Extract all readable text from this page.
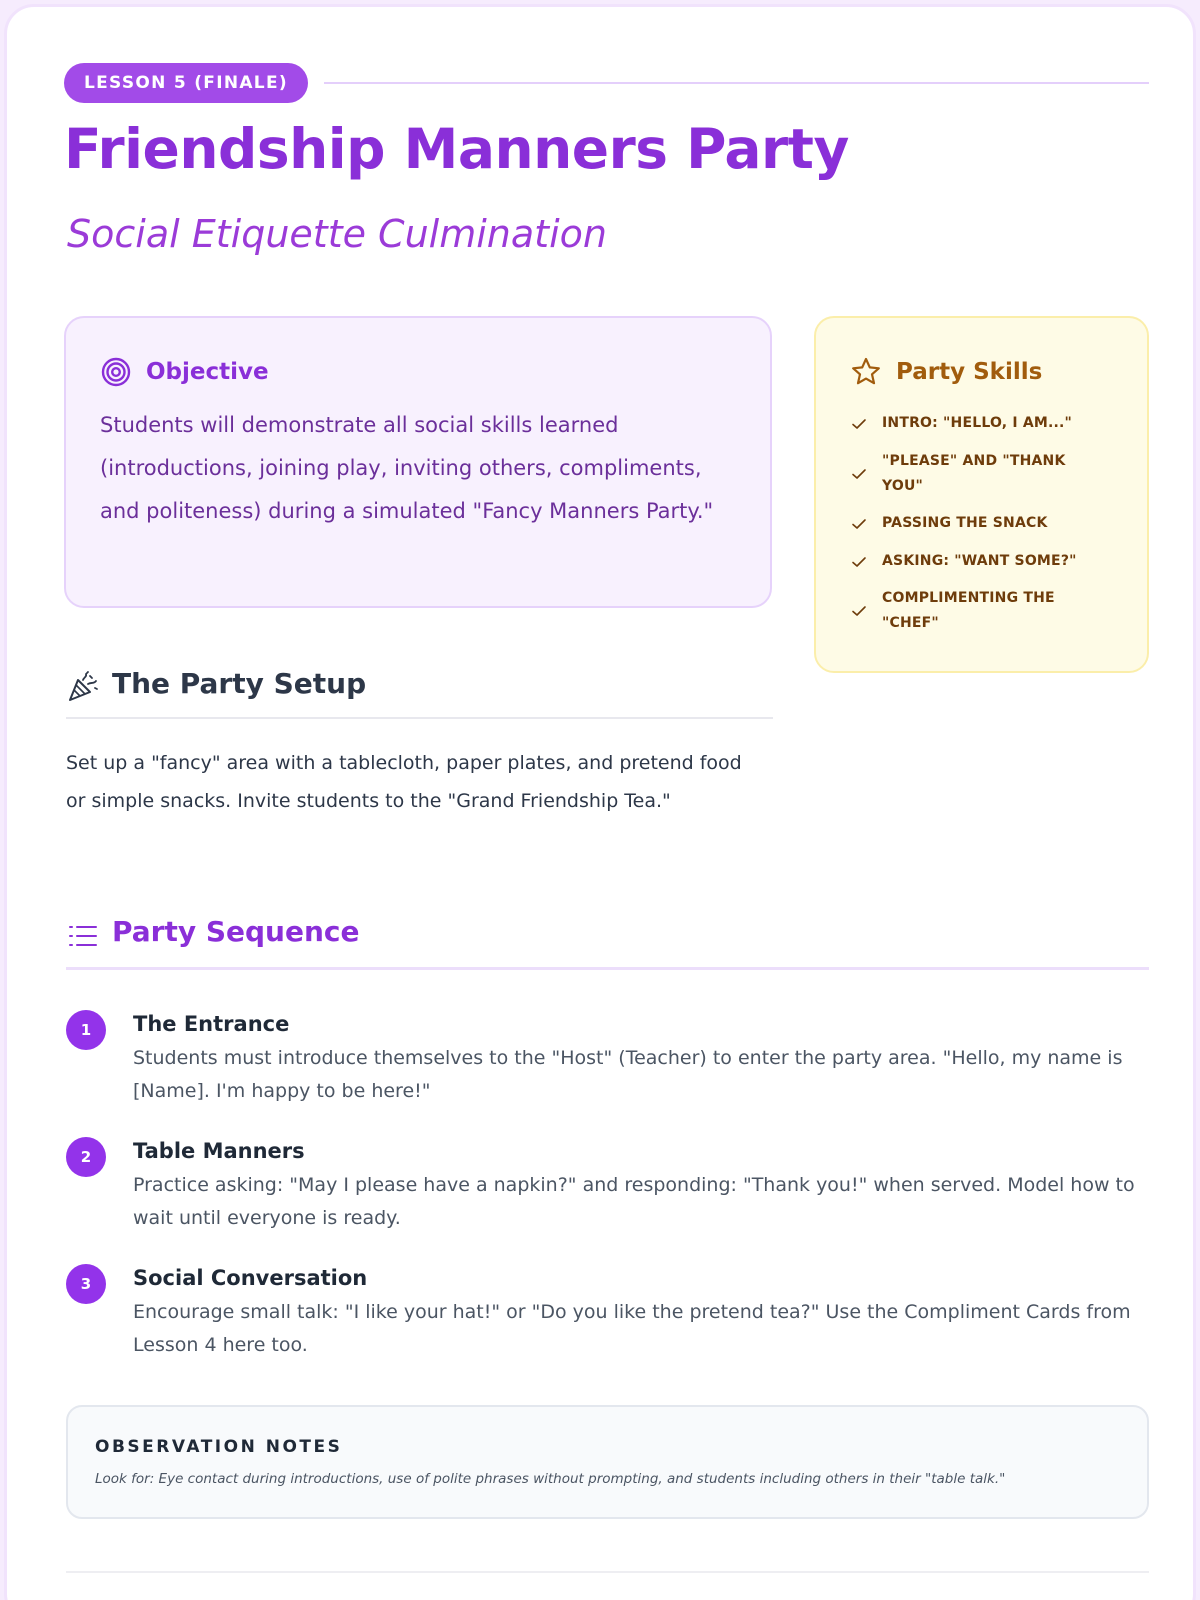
LESSON 5 (FINALE)
Friendship Manners Party
Social Etiquette Culmination
Objective

Students will demonstrate all social skills learned (introductions, joining play, inviting others, compliments, and politeness) during a simulated "Fancy Manners Party."

Party Skills
INTRO: "HELLO, I AM..."
"PLEASE" AND "THANK YOU"
PASSING THE SNACK
ASKING: "WANT SOME?"
COMPLIMENTING THE "CHEF"
The Party Setup

Set up a "fancy" area with a tablecloth, paper plates, and pretend food or simple snacks. Invite students to the "Grand Friendship Tea."

Party Sequence
1	The Entrance

Students must introduce themselves to the "Host" (Teacher) to enter the party area. "Hello, my name is [Name]. I'm happy to be here!"

2	Table Manners

Practice asking: "May I please have a napkin?" and responding: "Thank you!" when served. Model how to wait until everyone is ready.

3	Social Conversation

Encourage small talk: "I like your hat!" or "Do you like the pretend tea?" Use the Compliment Cards from Lesson 4 here too.

OBSERVATION NOTES
Look for: Eye contact during introductions, use of polite phrases without prompting, and students including others in their "table talk."
